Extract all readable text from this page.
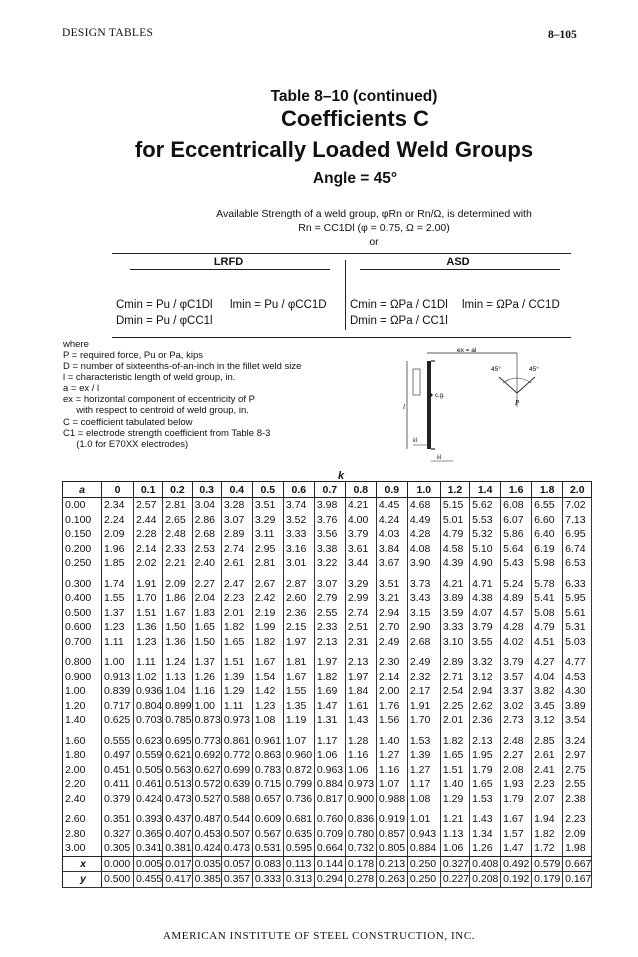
DESIGN TABLES	8–105
Table 8–10 (continued)
Coefficients C
for Eccentrically Loaded Weld Groups
Angle = 45°
Available Strength of a weld group, φRn or Rn/Ω, is determined with
Rn = CC1Dl (φ = 0.75, Ω = 2.00)
or
LRFD	ASD
Cmin = Pu / φC1Dl
Dmin = Pu / φCC1l
lmin = Pu / φCC1D Cmin = ΩPa / C1Dl
Dmin = ΩPa / CC1l
lmin = ΩPa / CC1D
where
P = required force, Pu or Pa, kips
D = number of sixteenths-of-an-inch in the fillet weld size
l = characteristic length of weld group, in.
a = ex / l
ex = horizontal component of eccentricity of P
with respect to centroid of weld group, in.
C = coefficient tabulated below
C1 = electrode strength coefficient from Table 8-3
(1.0 for E70XX electrodes)
ex = al
l
c.g.
45°	45°
P
kl
kl
k
a	0	0.1	0.2	0.3	0.4	0.5	0.6	0.7	0.8	0.9	1.0	1.2	1.4	1.6	1.8	2.0
0.00	2.34	2.57	2.81	3.04	3.28	3.51	3.74	3.98	4.21	4.45	4.68	5.15	5.62	6.08	6.55	7.02
0.100	2.24	2.44	2.65	2.86	3.07	3.29	3.52	3.76	4.00	4.24	4.49	5.01	5.53	6.07	6.60	7.13
0.150	2.09	2.28	2.48	2.68	2.89	3.11	3.33	3.56	3.79	4.03	4.28	4.79	5.32	5.86	6.40	6.95
0.200	1.96	2.14	2.33	2.53	2.74	2.95	3.16	3.38	3.61	3.84	4.08	4.58	5.10	5.64	6.19	6.74
0.250	1.85	2.02	2.21	2.40	2.61	2.81	3.01	3.22	3.44	3.67	3.90	4.39	4.90	5.43	5.98	6.53

0.300	1.74	1.91	2.09	2.27	2.47	2.67	2.87	3.07	3.29	3.51	3.73	4.21	4.71	5.24	5.78	6.33
0.400	1.55	1.70	1.86	2.04	2.23	2.42	2.60	2.79	2.99	3.21	3.43	3.89	4.38	4.89	5.41	5.95
0.500	1.37	1.51	1.67	1.83	2.01	2.19	2.36	2.55	2.74	2.94	3.15	3.59	4.07	4.57	5.08	5.61
0.600	1.23	1.36	1.50	1.65	1.82	1.99	2.15	2.33	2.51	2.70	2.90	3.33	3.79	4.28	4.79	5.31
0.700	1.11	1.23	1.36	1.50	1.65	1.82	1.97	2.13	2.31	2.49	2.68	3.10	3.55	4.02	4.51	5.03

0.800	1.00	1.11	1.24	1.37	1.51	1.67	1.81	1.97	2.13	2.30	2.49	2.89	3.32	3.79	4.27	4.77
0.900	0.913	1.02	1.13	1.26	1.39	1.54	1.67	1.82	1.97	2.14	2.32	2.71	3.12	3.57	4.04	4.53
1.00	0.839	0.936	1.04	1.16	1.29	1.42	1.55	1.69	1.84	2.00	2.17	2.54	2.94	3.37	3.82	4.30
1.20	0.717	0.804	0.899	1.00	1.11	1.23	1.35	1.47	1.61	1.76	1.91	2.25	2.62	3.02	3.45	3.89
1.40	0.625	0.703	0.785	0.873	0.973	1.08	1.19	1.31	1.43	1.56	1.70	2.01	2.36	2.73	3.12	3.54

1.60	0.555	0.623	0.695	0.773	0.861	0.961	1.07	1.17	1.28	1.40	1.53	1.82	2.13	2.48	2.85	3.24
1.80	0.497	0.559	0.621	0.692	0.772	0.863	0.960	1.06	1.16	1.27	1.39	1.65	1.95	2.27	2.61	2.97
2.00	0.451	0.505	0.563	0.627	0.699	0.783	0.872	0.963	1.06	1.16	1.27	1.51	1.79	2.08	2.41	2.75
2.20	0.411	0.461	0.513	0.572	0.639	0.715	0.799	0.884	0.973	1.07	1.17	1.40	1.65	1.93	2.23	2.55
2.40	0.379	0.424	0.473	0.527	0.588	0.657	0.736	0.817	0.900	0.988	1.08	1.29	1.53	1.79	2.07	2.38

2.60	0.351	0.393	0.437	0.487	0.544	0.609	0.681	0.760	0.836	0.919	1.01	1.21	1.43	1.67	1.94	2.23
2.80	0.327	0.365	0.407	0.453	0.507	0.567	0.635	0.709	0.780	0.857	0.943	1.13	1.34	1.57	1.82	2.09
3.00	0.305	0.341	0.381	0.424	0.473	0.531	0.595	0.664	0.732	0.805	0.884	1.06	1.26	1.47	1.72	1.98
x	0.000	0.005	0.017	0.035	0.057	0.083	0.113	0.144	0.178	0.213	0.250	0.327	0.408	0.492	0.579	0.667
y	0.500	0.455	0.417	0.385	0.357	0.333	0.313	0.294	0.278	0.263	0.250	0.227	0.208	0.192	0.179	0.167
AMERICAN INSTITUTE OF STEEL CONSTRUCTION, INC.
